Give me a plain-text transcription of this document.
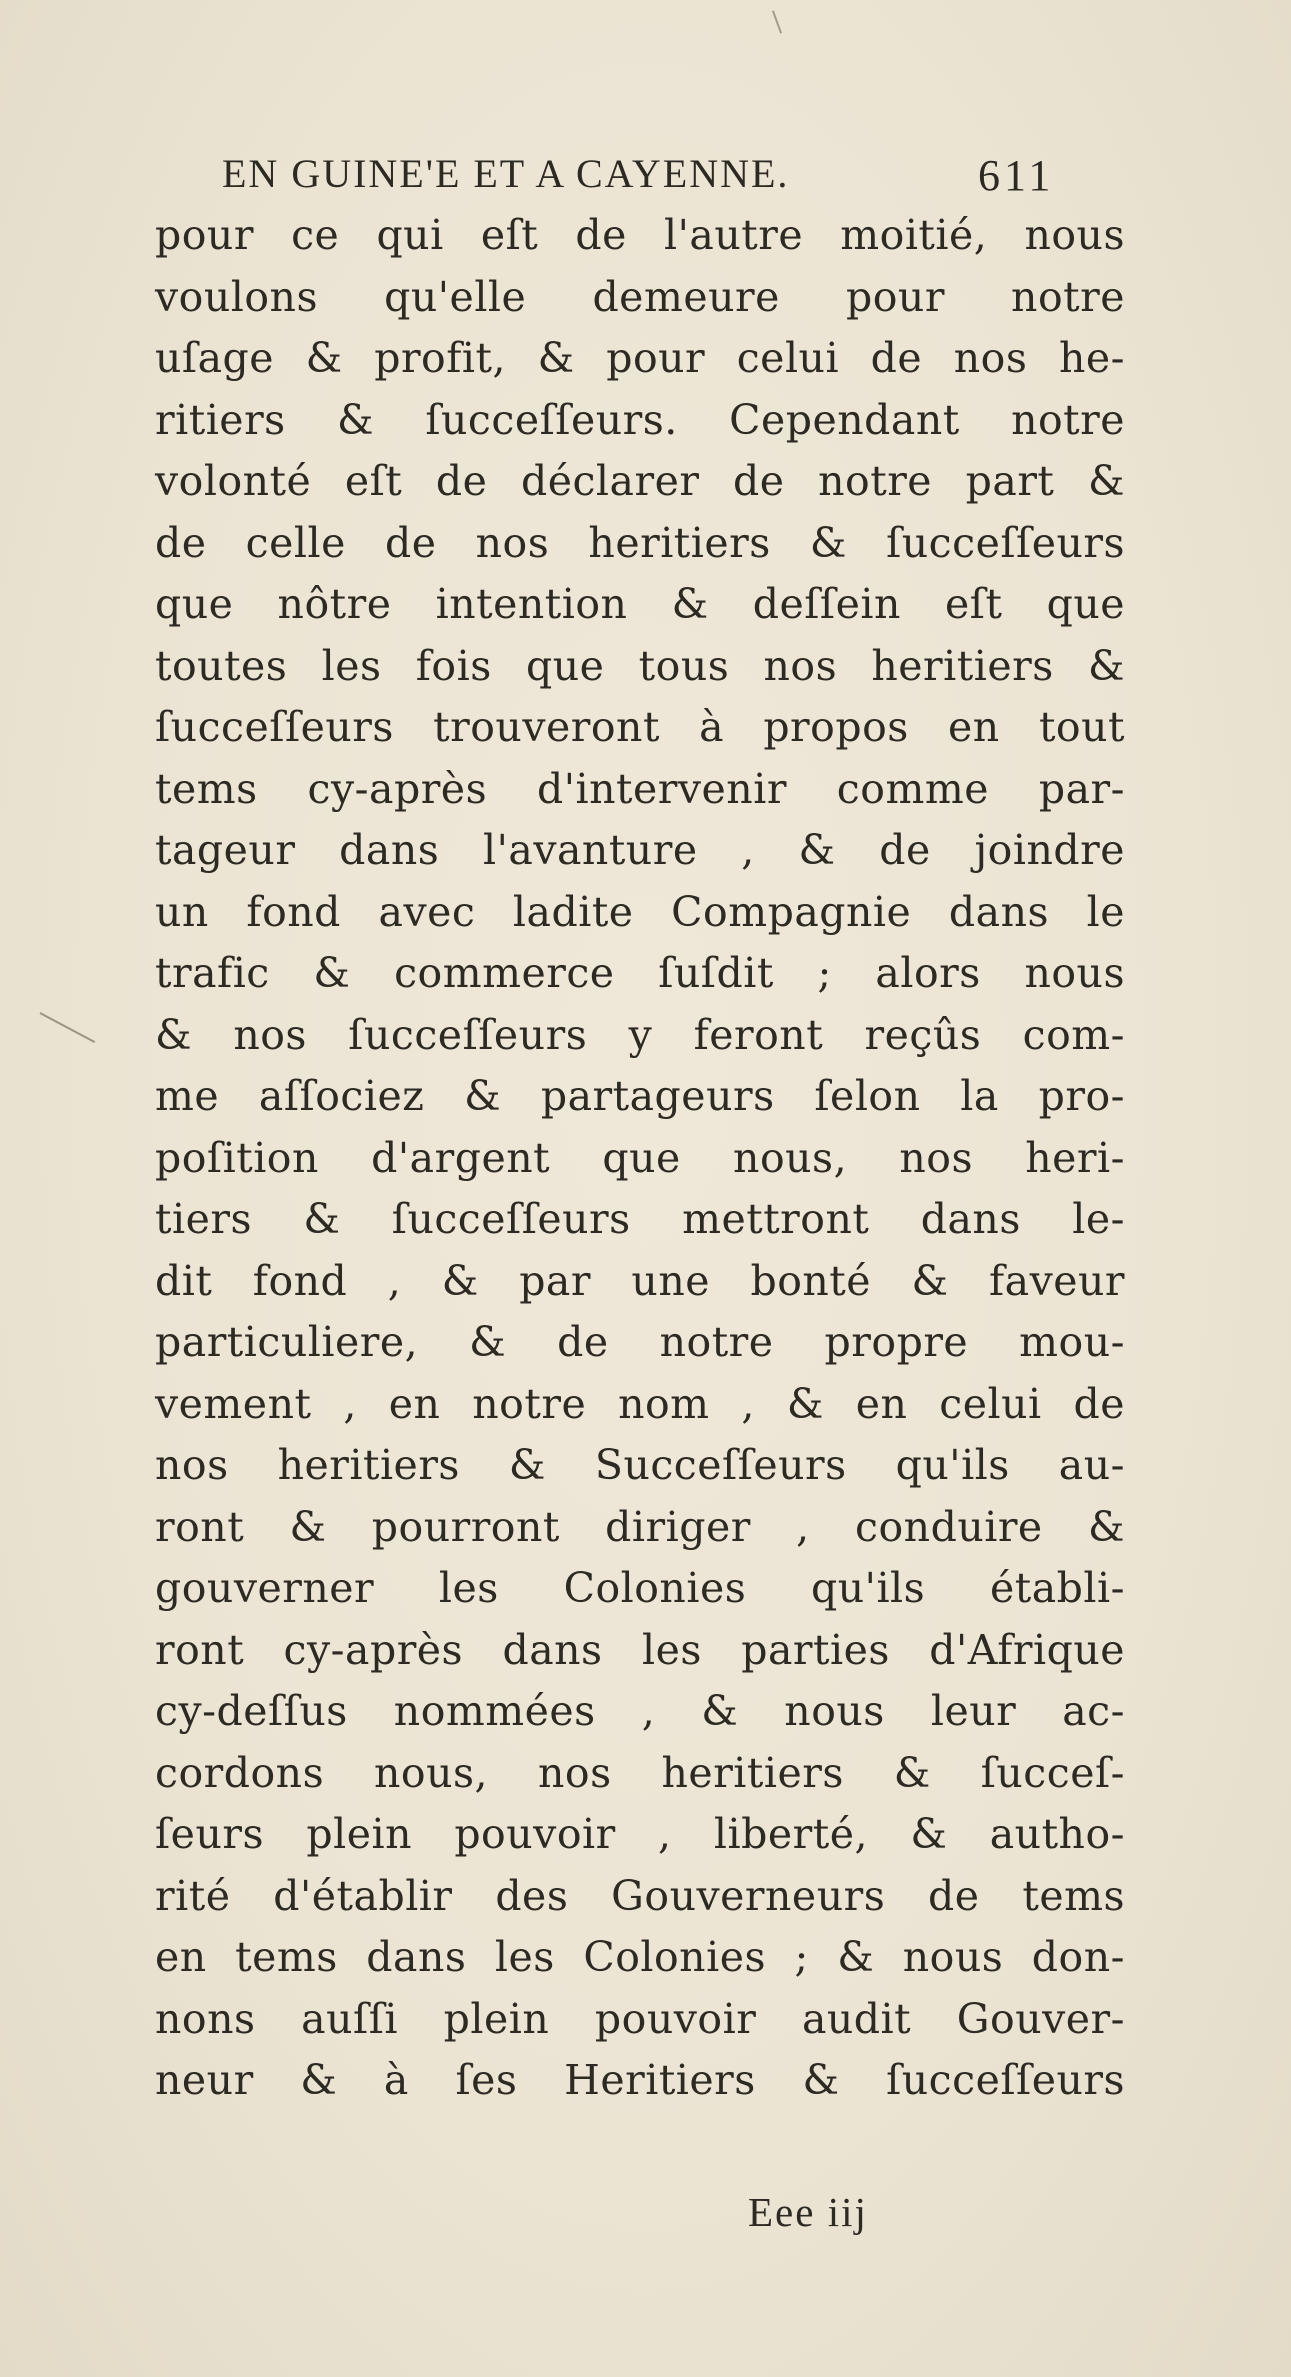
EN GUINE'E ET A CAYENNE.	611
pour ce qui eſt de l'autre moitié, nous
voulons qu'elle demeure pour notre
uſage & profit, & pour celui de nos he-
ritiers & ſucceſſeurs. Cependant notre
volonté eſt de déclarer de notre part &
de celle de nos heritiers & ſucceſſeurs
que nôtre intention & deſſein eſt que
toutes les fois que tous nos heritiers &
ſucceſſeurs trouveront à propos en tout
tems cy-après d'intervenir comme par-
tageur dans l'avanture , & de joindre
un fond avec ladite Compagnie dans le
trafic & commerce ſuſdit ; alors nous
& nos ſucceſſeurs y feront reçûs com-
me aſſociez & partageurs ſelon la pro-
poſition d'argent que nous, nos heri-
tiers & ſucceſſeurs mettront dans le-
dit fond , & par une bonté & faveur
particuliere, & de notre propre mou-
vement , en notre nom , & en celui de
nos heritiers & Succeſſeurs qu'ils au-
ront & pourront diriger , conduire &
gouverner les Colonies qu'ils établi-
ront cy-après dans les parties d'Afrique
cy-deſſus nommées , & nous leur ac-
cordons nous, nos heritiers & ſucceſ-
ſeurs plein pouvoir , liberté, & autho-
rité d'établir des Gouverneurs de tems
en tems dans les Colonies ; & nous don-
nons auſſi plein pouvoir audit Gouver-
neur & à ſes Heritiers & ſucceſſeurs
Eee iij
